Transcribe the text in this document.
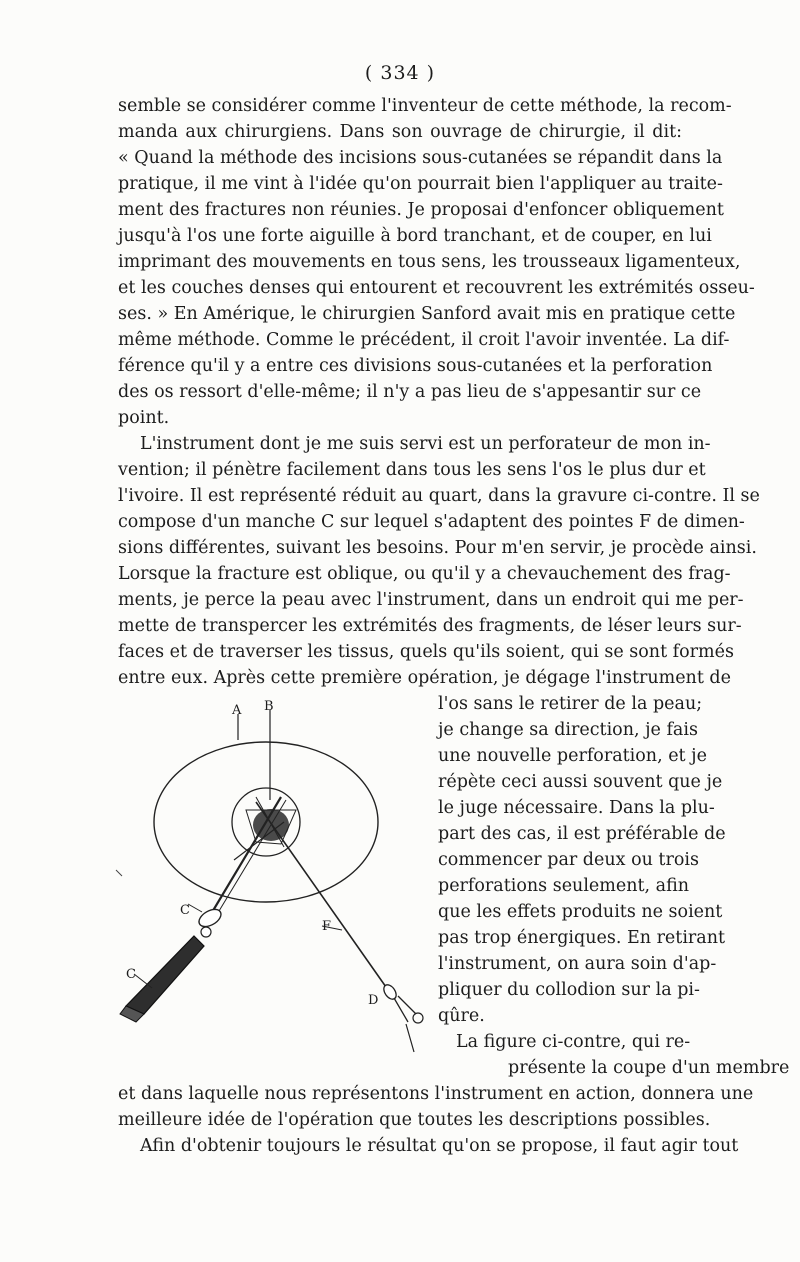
( 334 )
semble se considérer comme l'inventeur de cette méthode, la recom-
manda aux chirurgiens. Dans son ouvrage de chirurgie, il dit:
« Quand la méthode des incisions sous-cutanées se répandit dans la
pratique, il me vint à l'idée qu'on pourrait bien l'appliquer au traite-
ment des fractures non réunies. Je proposai d'enfoncer obliquement
jusqu'à l'os une forte aiguille à bord tranchant, et de couper, en lui
imprimant des mouvements en tous sens, les trousseaux ligamenteux,
et les couches denses qui entourent et recouvrent les extrémités osseu-
ses. » En Amérique, le chirurgien Sanford avait mis en pratique cette
même méthode. Comme le précédent, il croit l'avoir inventée. La dif-
férence qu'il y a entre ces divisions sous-cutanées et la perforation
des os ressort d'elle-même; il n'y a pas lieu de s'appesantir sur ce
point.
L'instrument dont je me suis servi est un perforateur de mon in-
vention; il pénètre facilement dans tous les sens l'os le plus dur et
l'ivoire. Il est représenté réduit au quart, dans la gravure ci-contre. Il se
compose d'un manche C sur lequel s'adaptent des pointes F de dimen-
sions différentes, suivant les besoins. Pour m'en servir, je procède ainsi.
Lorsque la fracture est oblique, ou qu'il y a chevauchement des frag-
ments, je perce la peau avec l'instrument, dans un endroit qui me per-
mette de transpercer les extrémités des fragments, de léser leurs sur-
faces et de traverser les tissus, quels qu'ils soient, qui se sont formés
entre eux. Après cette première opération, je dégage l'instrument de
l'os sans le retirer de la peau;
je change sa direction, je fais
une nouvelle perforation, et je
répète ceci aussi souvent que je
le juge nécessaire. Dans la plu-
part des cas, il est préférable de
commencer par deux ou trois
perforations seulement, afin
que les effets produits ne soient
pas trop énergiques. En retirant
l'instrument, on aura soin d'ap-
pliquer du collodion sur la pi-
qûre.
La figure ci-contre, qui re-
présente la coupe d'un membre
et dans laquelle nous représentons l'instrument en action, donnera une
meilleure idée de l'opération que toutes les descriptions possibles.
Afin d'obtenir toujours le résultat qu'on se propose, il faut agir tout
A B
C
C
F
D
